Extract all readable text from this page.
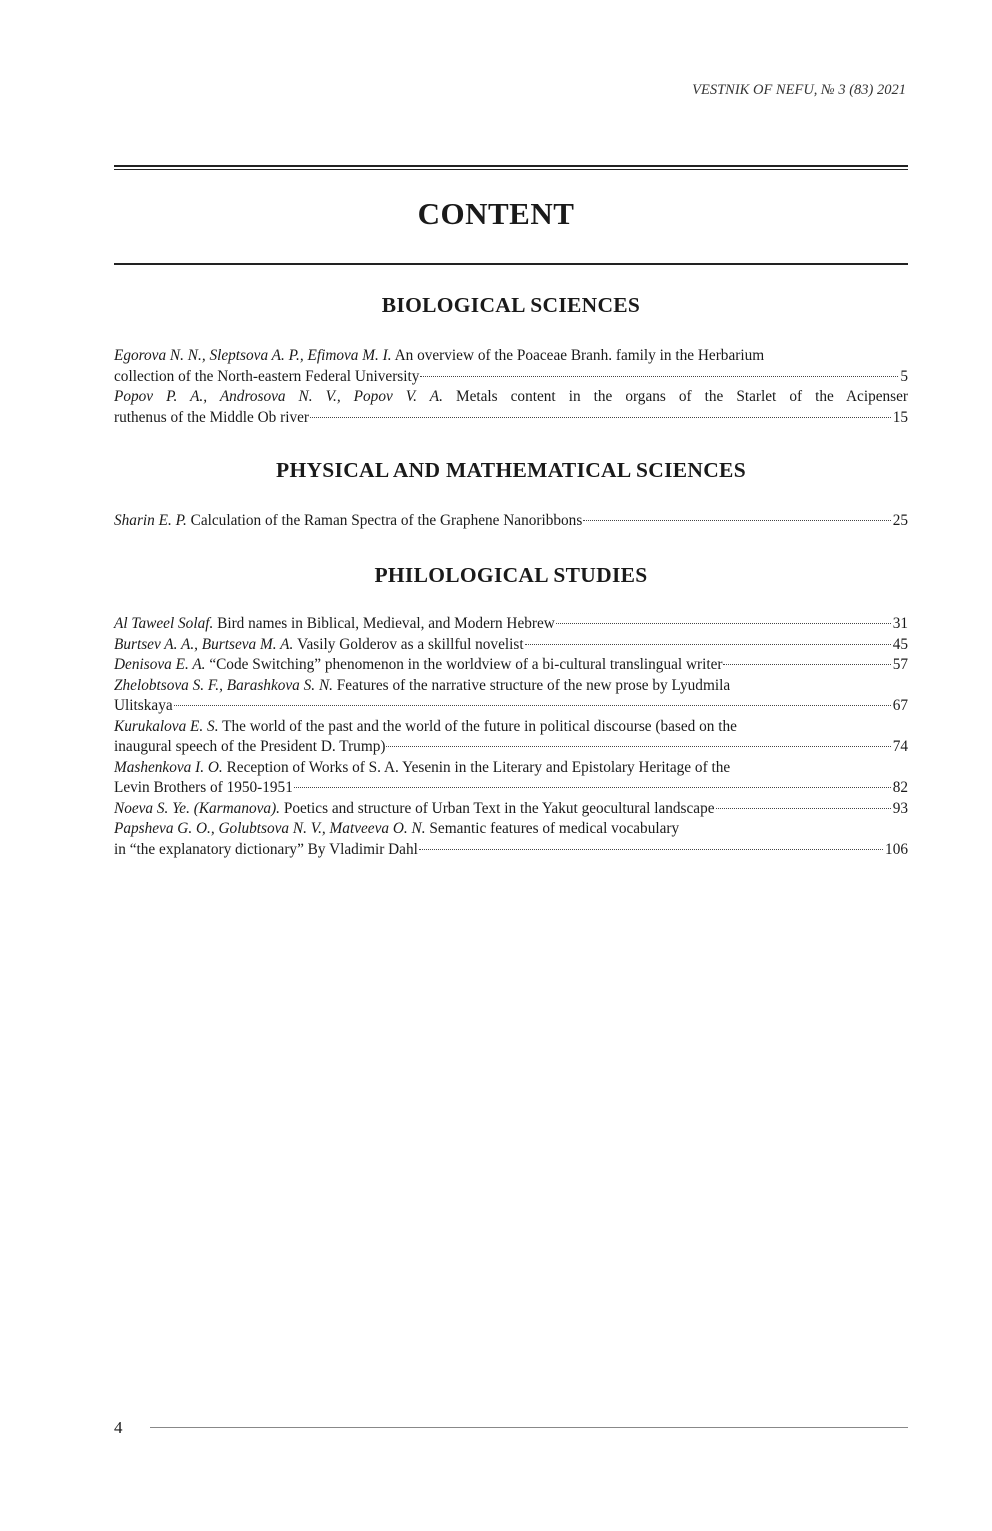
VESTNIK OF NEFU, № 3 (83) 2021
CONTENT
BIOLOGICAL SCIENCES
Egorova N. N., Sleptsova A. P., Efimova M. I. An overview of the Poaceae Branh. family in the Herbarium
collection of the North-eastern Federal University	5
Popov P. A., Androsova N. V., Popov V. A. Metals content in the organs of the Starlet of the Acipenser
ruthenus of the Middle Ob river	15
PHYSICAL AND MATHEMATICAL SCIENCES
Sharin E. P.
Calculation of the Raman Spectra of the Graphene Nanoribbons	25
PHILOLOGICAL STUDIES
Al Taweel Solaf.
Bird names in Biblical, Medieval, and Modern Hebrew	31
Burtsev A. A., Burtseva M. A.
Vasily Golderov as a skillful novelist	45
Denisova E. A.
“Code Switching” phenomenon in the worldview of a bi-cultural translingual writer	57
Zhelobtsova S. F., Barashkova S. N. Features of the narrative structure of the new prose by Lyudmila
Ulitskaya	67
Kurukalova E. S. The world of the past and the world of the future in political discourse (based on the
inaugural speech of the President D. Trump)	74
Mashenkova I. O. Reception of Works of S. A. Yesenin in the Literary and Epistolary Heritage of the
Levin Brothers of 1950-1951	82
Noeva S. Ye. (Karmanova).
Poetics and structure of Urban Text in the Yakut geocultural landscape	93
Papsheva G. O., Golubtsova N. V., Matveeva O. N. Semantic features of medical vocabulary
in “the explanatory dictionary” By Vladimir Dahl	106
4
